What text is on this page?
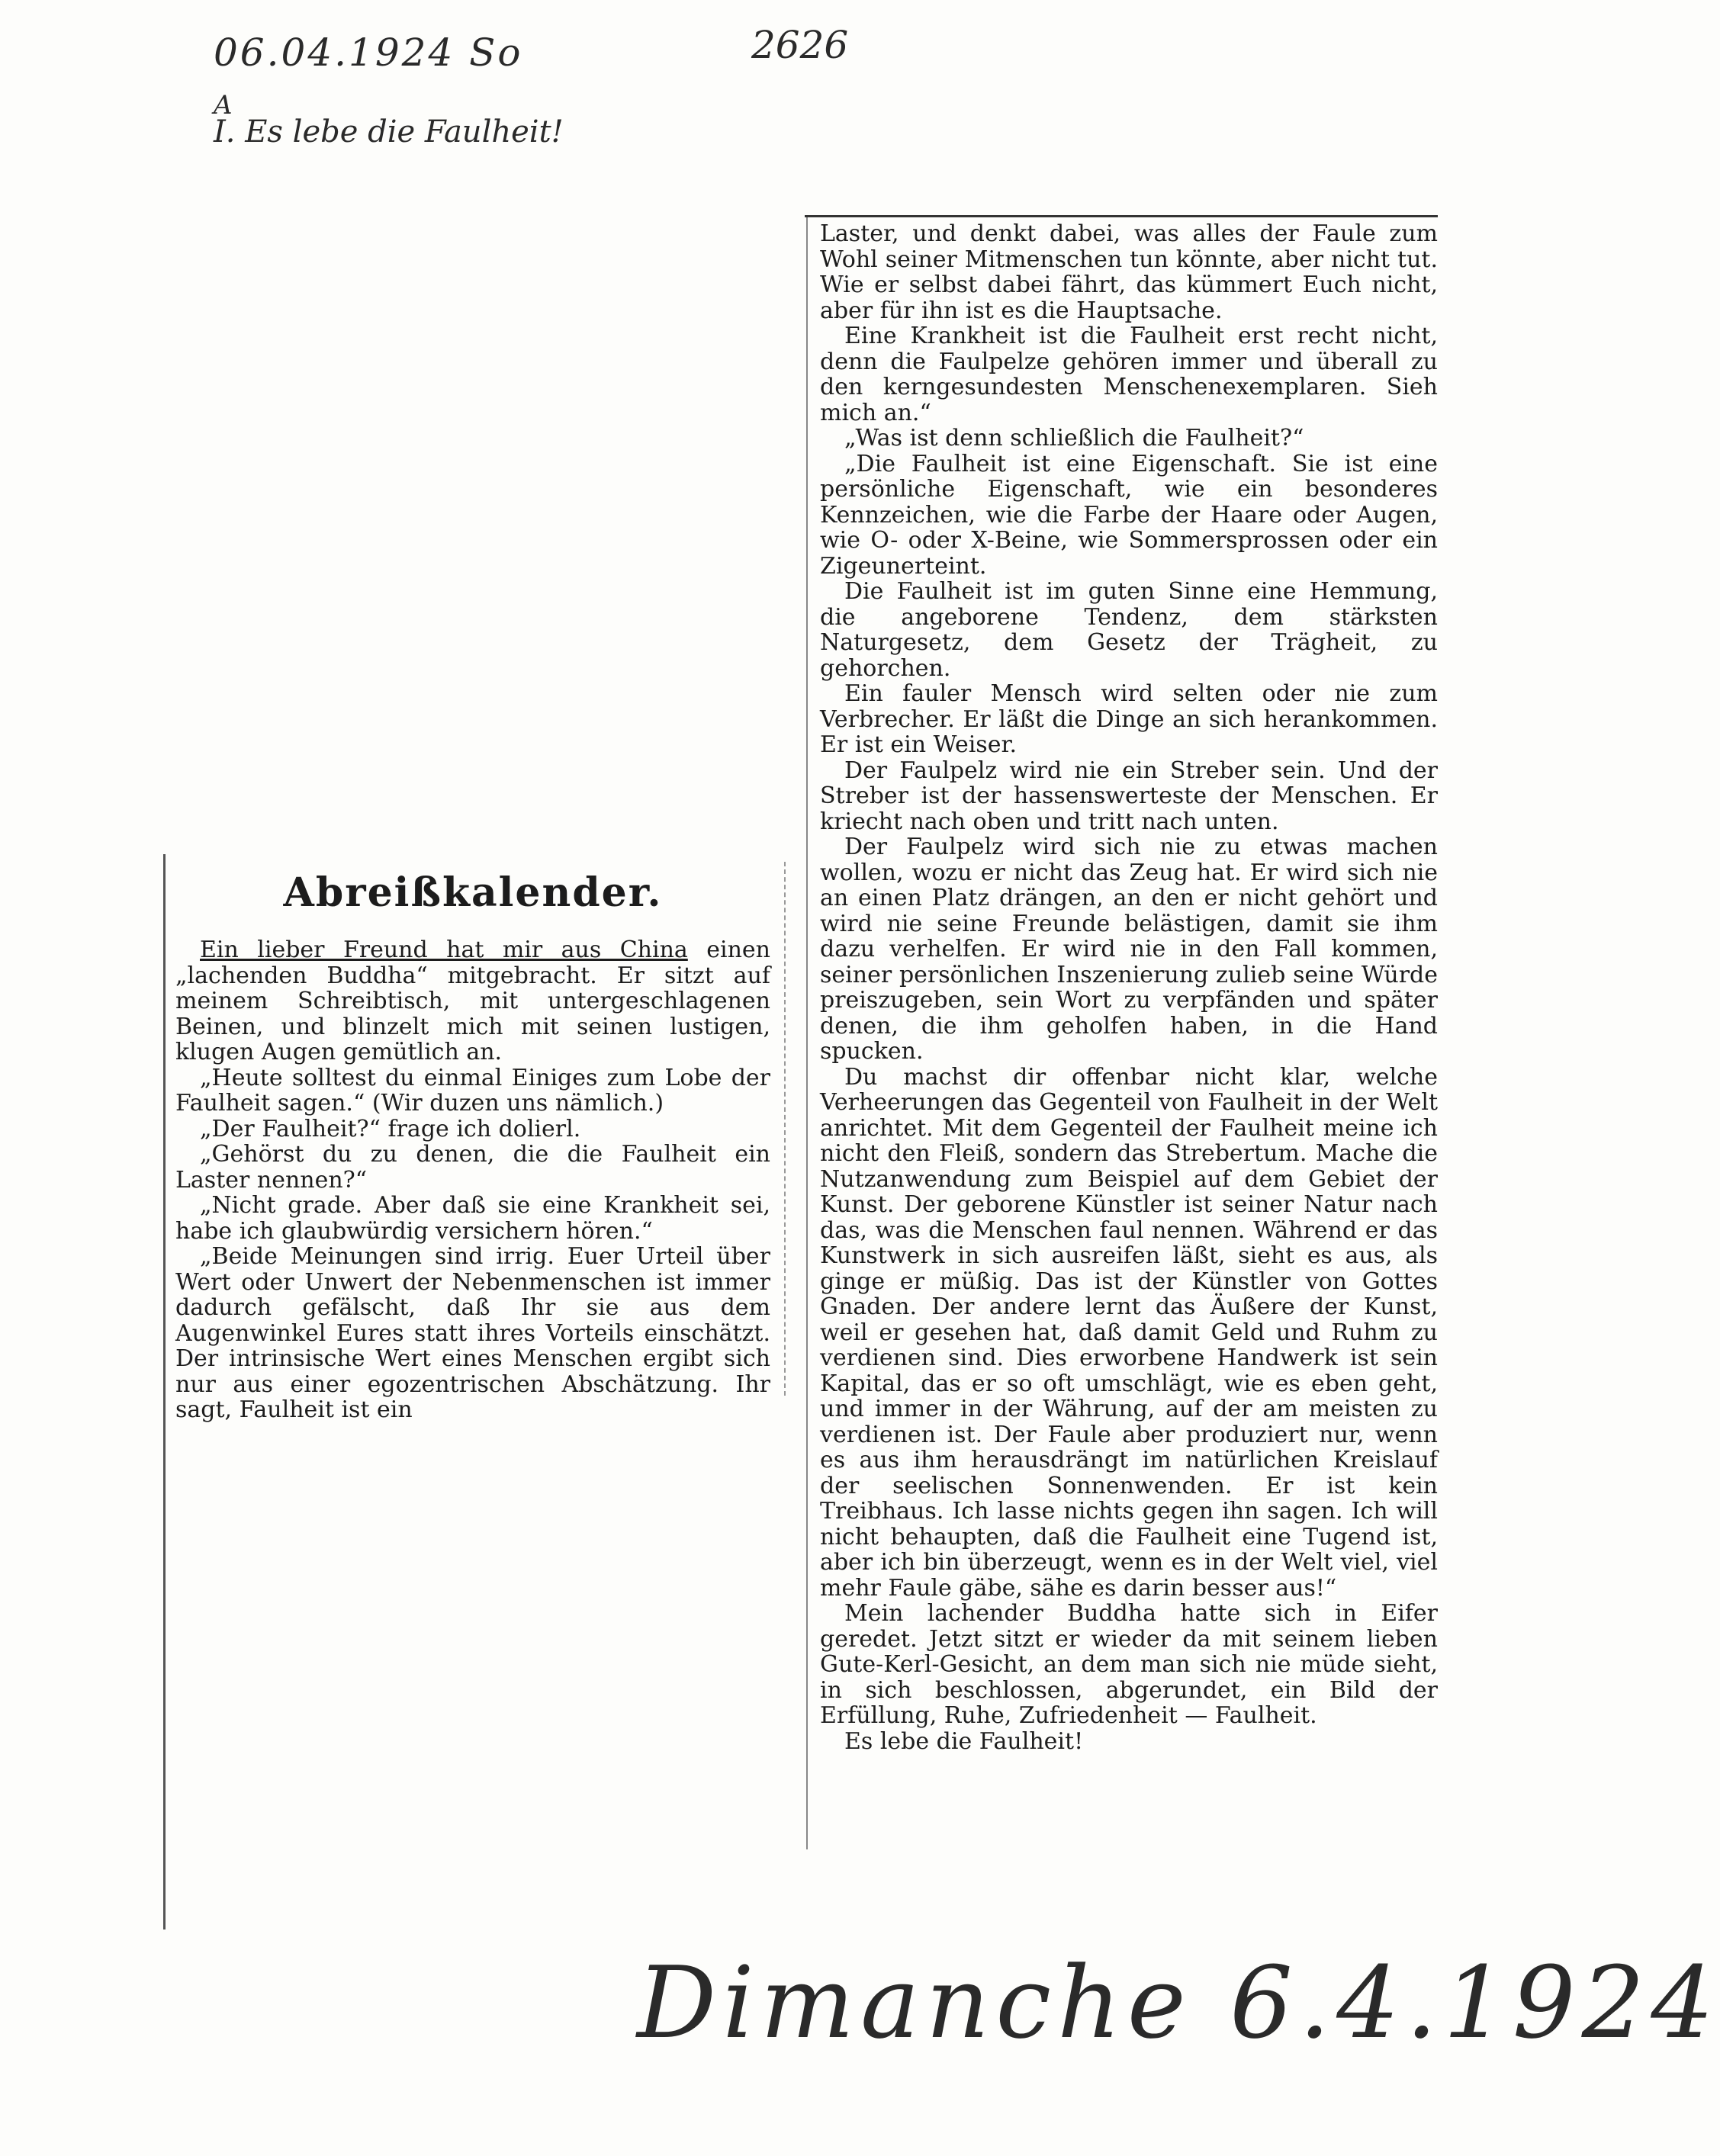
06.04.1924 So	2626
A
I. Es lebe die Faulheit!
Abreißkalender.

Ein lieber Freund hat mir aus China einen „lachenden Buddha“ mitgebracht. Er sitzt auf meinem Schreibtisch, mit untergeschlagenen Beinen, und blinzelt mich mit seinen lustigen, klugen Augen gemütlich an.

„Heute solltest du einmal Einiges zum Lobe der Faulheit sagen.“ (Wir duzen uns nämlich.)

„Der Faulheit?“ frage ich dolierl.

„Gehörst du zu denen, die die Faulheit ein Laster nennen?“

„Nicht grade. Aber daß sie eine Krankheit sei, habe ich glaubwürdig versichern hören.“

„Beide Meinungen sind irrig. Euer Urteil über Wert oder Unwert der Nebenmenschen ist immer dadurch gefälscht, daß Ihr sie aus dem Augenwinkel Eures statt ihres Vorteils einschätzt. Der intrinsische Wert eines Menschen ergibt sich nur aus einer egozentrischen Abschätzung. Ihr sagt, Faulheit ist ein

Laster, und denkt dabei, was alles der Faule zum Wohl seiner Mitmenschen tun könnte, aber nicht tut. Wie er selbst dabei fährt, das kümmert Euch nicht, aber für ihn ist es die Hauptsache.

Eine Krankheit ist die Faulheit erst recht nicht, denn die Faulpelze gehören immer und überall zu den kerngesundesten Menschenexemplaren. Sieh mich an.“

„Was ist denn schließlich die Faulheit?“

„Die Faulheit ist eine Eigenschaft. Sie ist eine persönliche Eigenschaft, wie ein besonderes Kennzeichen, wie die Farbe der Haare oder Augen, wie O- oder X-Beine, wie Sommersprossen oder ein Zigeunerteint.

Die Faulheit ist im guten Sinne eine Hemmung, die angeborene Tendenz, dem stärksten Naturgesetz, dem Gesetz der Trägheit, zu gehorchen.

Ein fauler Mensch wird selten oder nie zum Verbrecher. Er läßt die Dinge an sich herankommen. Er ist ein Weiser.

Der Faulpelz wird nie ein Streber sein. Und der Streber ist der hassenswerteste der Menschen. Er kriecht nach oben und tritt nach unten.

Der Faulpelz wird sich nie zu etwas machen wollen, wozu er nicht das Zeug hat. Er wird sich nie an einen Platz drängen, an den er nicht gehört und wird nie seine Freunde belästigen, damit sie ihm dazu verhelfen. Er wird nie in den Fall kommen, seiner persönlichen Inszenierung zulieb seine Würde preiszugeben, sein Wort zu verpfänden und später denen, die ihm geholfen haben, in die Hand spucken.

Du machst dir offenbar nicht klar, welche Verheerungen das Gegenteil von Faulheit in der Welt anrichtet. Mit dem Gegenteil der Faulheit meine ich nicht den Fleiß, sondern das Strebertum. Mache die Nutzanwendung zum Beispiel auf dem Gebiet der Kunst. Der geborene Künstler ist seiner Natur nach das, was die Menschen faul nennen. Während er das Kunstwerk in sich ausreifen läßt, sieht es aus, als ginge er müßig. Das ist der Künstler von Gottes Gnaden. Der andere lernt das Äußere der Kunst, weil er gesehen hat, daß damit Geld und Ruhm zu verdienen sind. Dies erworbene Handwerk ist sein Kapital, das er so oft umschlägt, wie es eben geht, und immer in der Währung, auf der am meisten zu verdienen ist. Der Faule aber produziert nur, wenn es aus ihm herausdrängt im natürlichen Kreislauf der seelischen Sonnenwenden. Er ist kein Treibhaus. Ich lasse nichts gegen ihn sagen. Ich will nicht behaupten, daß die Faulheit eine Tugend ist, aber ich bin überzeugt, wenn es in der Welt viel, viel mehr Faule gäbe, sähe es darin besser aus!“

Mein lachender Buddha hatte sich in Eifer geredet. Jetzt sitzt er wieder da mit seinem lieben Gute-Kerl-Gesicht, an dem man sich nie müde sieht, in sich beschlossen, abgerundet, ein Bild der Erfüllung, Ruhe, Zufriedenheit — Faulheit.

Es lebe die Faulheit!

Dimanche 6.4.1924
